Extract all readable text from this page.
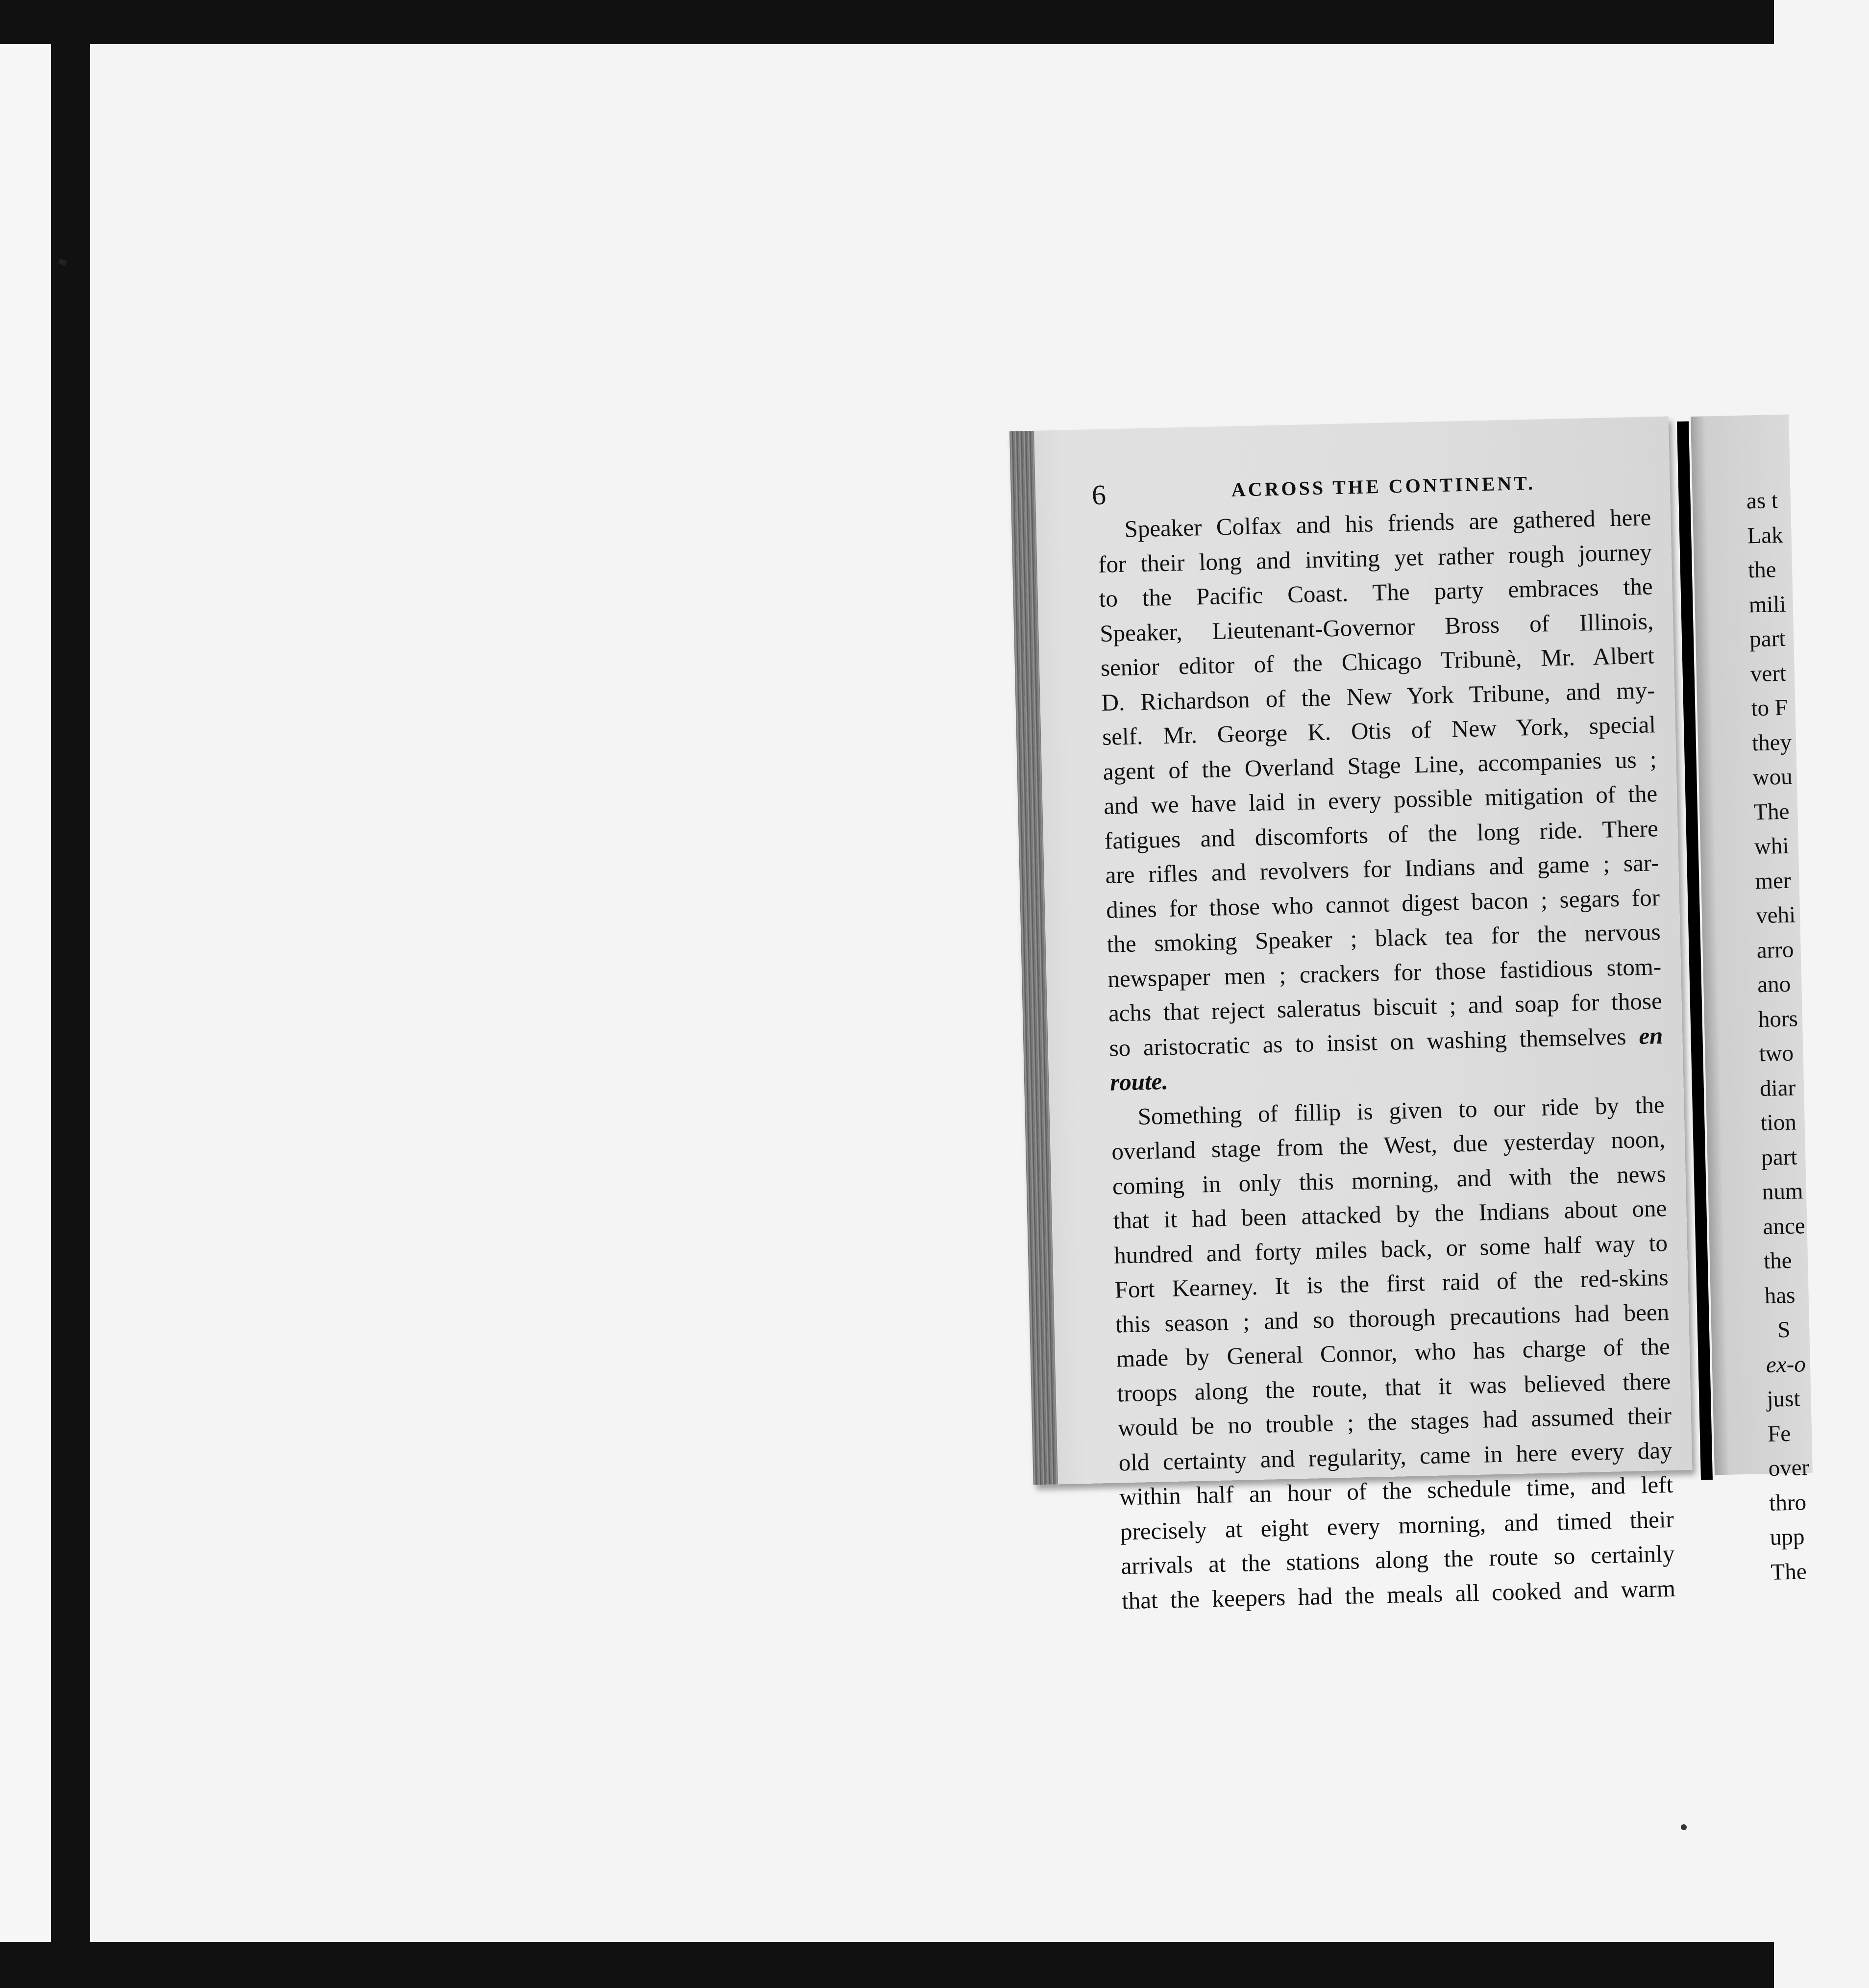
6	ACROSS THE CONTINENT.
Speaker Colfax and his friends are gathered here
for their long and inviting yet rather rough journey
to the Pacific Coast. The party embraces the
Speaker, Lieutenant-Governor Bross of Illinois,
senior editor of the Chicago Tribunè, Mr. Albert
D. Richardson of the New York Tribune, and my-
self. Mr. George K. Otis of New York, special
agent of the Overland Stage Line, accompanies us ;
and we have laid in every possible mitigation of the
fatigues and discomforts of the long ride. There
are rifles and revolvers for Indians and game ; sar-
dines for those who cannot digest bacon ; segars for
the smoking Speaker ; black tea for the nervous
newspaper men ; crackers for those fastidious stom-
achs that reject saleratus biscuit ; and soap for those
so aristocratic as to insist on washing themselves en
route.
Something of fillip is given to our ride by the
overland stage from the West, due yesterday noon,
coming in only this morning, and with the news
that it had been attacked by the Indians about one
hundred and forty miles back, or some half way to
Fort Kearney. It is the first raid of the red-skins
this season ; and so thorough precautions had been
made by General Connor, who has charge of the
troops along the route, that it was believed there
would be no trouble ; the stages had assumed their
old certainty and regularity, came in here every day
within half an hour of the schedule time, and left
precisely at eight every morning, and timed their
arrivals at the stations along the route so certainly
that the keepers had the meals all cooked and warm
as t
Lak
the
mili
part
vert
to F
they
wou
The
whi
mer
vehi
arro
ano
hors
two
diar
tion
part
num
ance
the
has
S
ex-o
just
Fe
over
thro
upp
The
